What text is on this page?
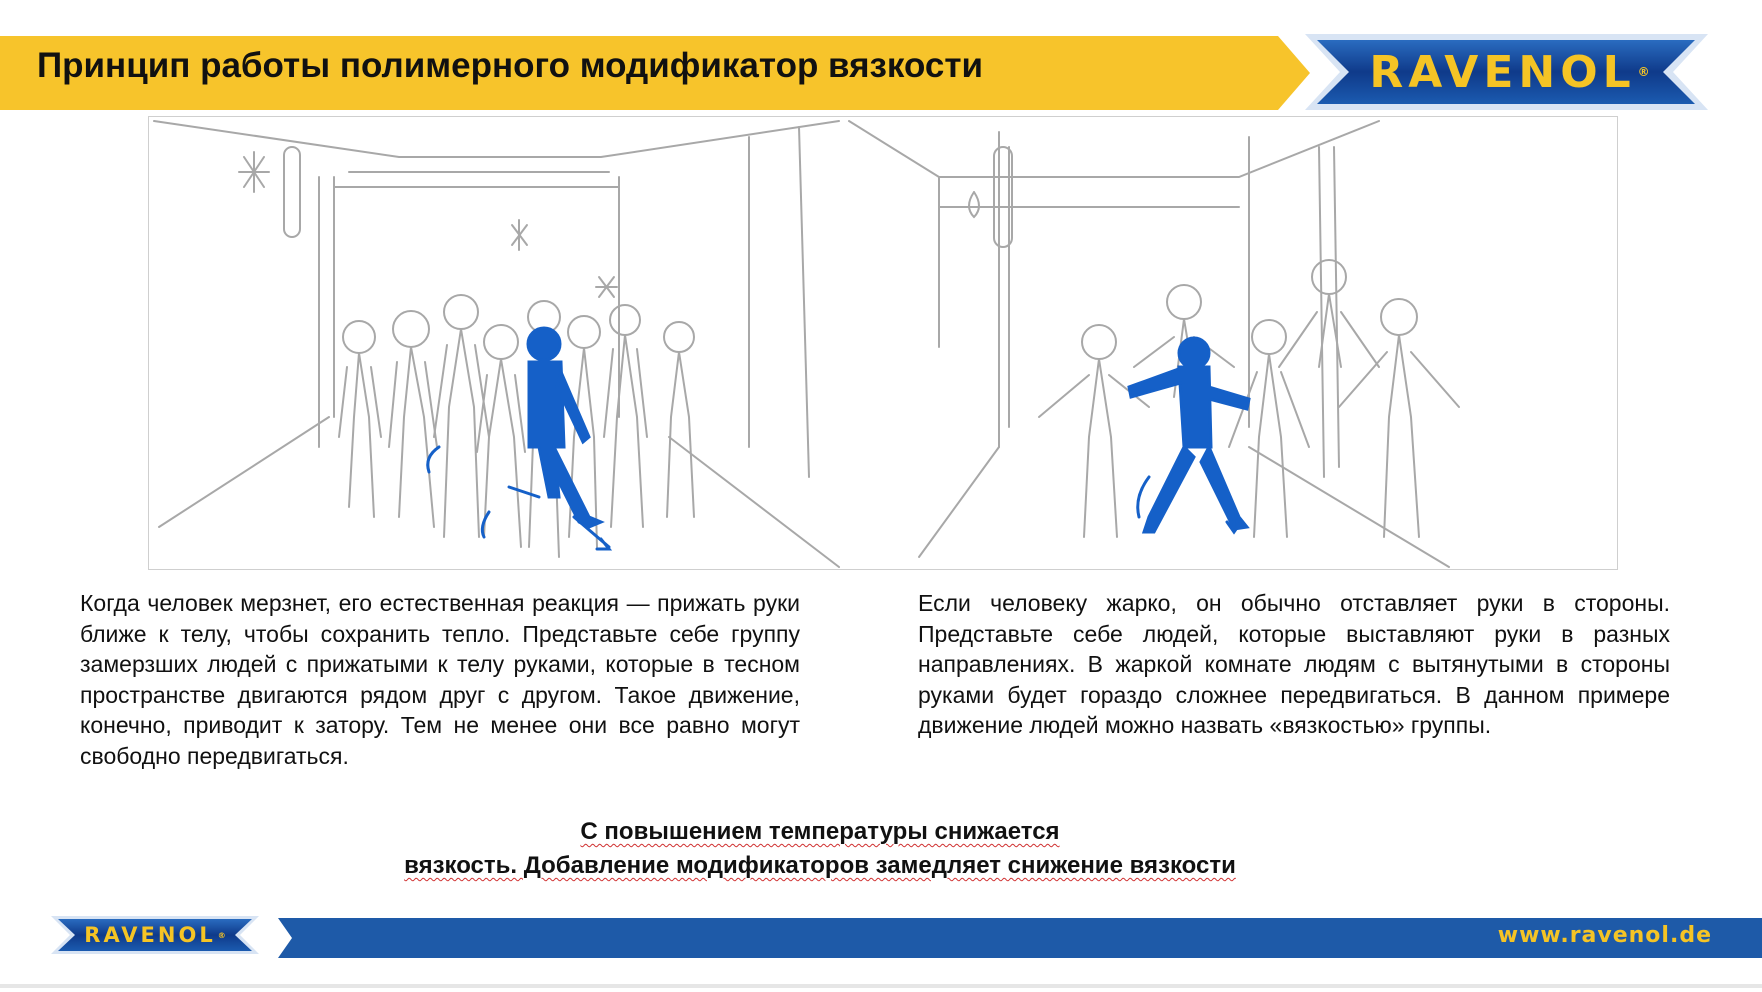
Принцип работы полимерного модификатор вязкости	RAVENOL ®
Когда человек мерзнет, его естественная реакция — прижать руки ближе к телу, чтобы сохранить тепло. Представьте себе группу замерзших людей с прижатыми к телу руками, которые в тесном пространстве двигаются рядом друг с другом. Такое движение, конечно, приводит к затору. Тем не менее они все равно могут свободно передвигаться.
Если человеку жарко, он обычно отставляет руки в стороны. Представьте себе людей, которые выставляют руки в разных направлениях. В жаркой комнате людям с вытянутыми в стороны руками будет гораздо сложнее передвигаться. В данном примере движение людей можно назвать «вязкостью» группы.
С повышением температуры снижается
вязкость. Добавление модификаторов замедляет снижение вязкости
RAVENOL ®	www.ravenol.de
